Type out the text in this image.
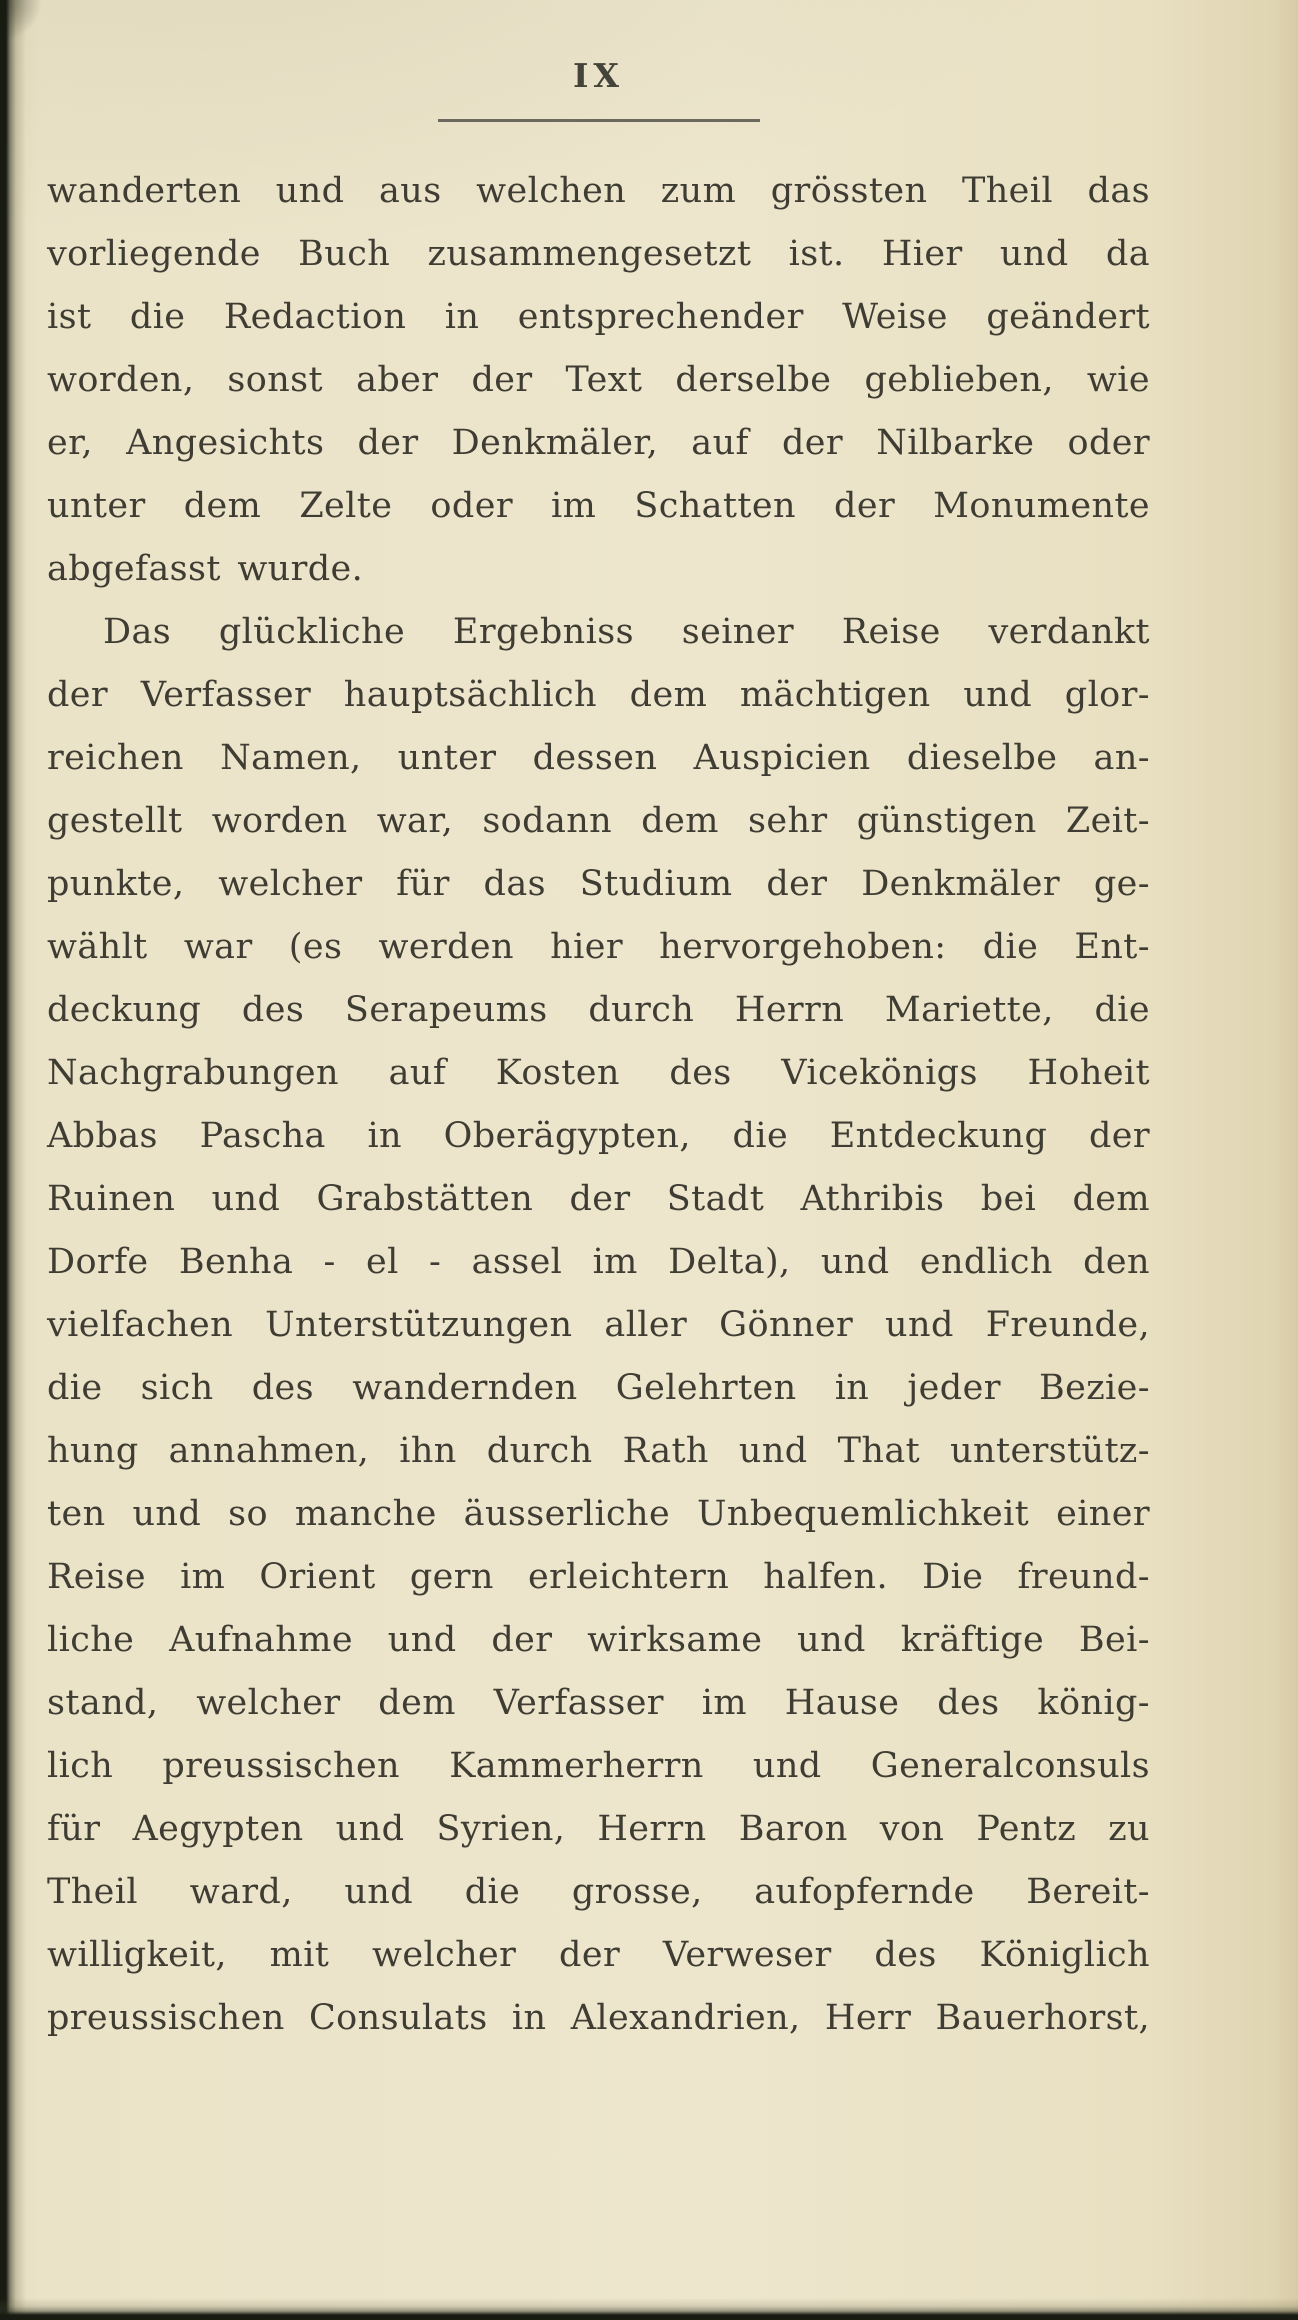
IX
wanderten und aus welchen zum grössten Theil das
vorliegende Buch zusammengesetzt ist. Hier und da
ist die Redaction in entsprechender Weise geändert
worden, sonst aber der Text derselbe geblieben, wie
er, Angesichts der Denkmäler, auf der Nilbarke oder
unter dem Zelte oder im Schatten der Monumente
abgefasst wurde.
Das glückliche Ergebniss seiner Reise verdankt
der Verfasser hauptsächlich dem mächtigen und glor-
reichen Namen, unter dessen Auspicien dieselbe an-
gestellt worden war, sodann dem sehr günstigen Zeit-
punkte, welcher für das Studium der Denkmäler ge-
wählt war (es werden hier hervorgehoben: die Ent-
deckung des Serapeums durch Herrn Mariette, die
Nachgrabungen auf Kosten des Vicekönigs Hoheit
Abbas Pascha in Oberägypten, die Entdeckung der
Ruinen und Grabstätten der Stadt Athribis bei dem
Dorfe Benha - el - assel im Delta), und endlich den
vielfachen Unterstützungen aller Gönner und Freunde,
die sich des wandernden Gelehrten in jeder Bezie-
hung annahmen, ihn durch Rath und That unterstütz-
ten und so manche äusserliche Unbequemlichkeit einer
Reise im Orient gern erleichtern halfen. Die freund-
liche Aufnahme und der wirksame und kräftige Bei-
stand, welcher dem Verfasser im Hause des könig-
lich preussischen Kammerherrn und Generalconsuls
für Aegypten und Syrien, Herrn Baron von Pentz zu
Theil ward, und die grosse, aufopfernde Bereit-
willigkeit, mit welcher der Verweser des Königlich
preussischen Consulats in Alexandrien, Herr Bauerhorst,
